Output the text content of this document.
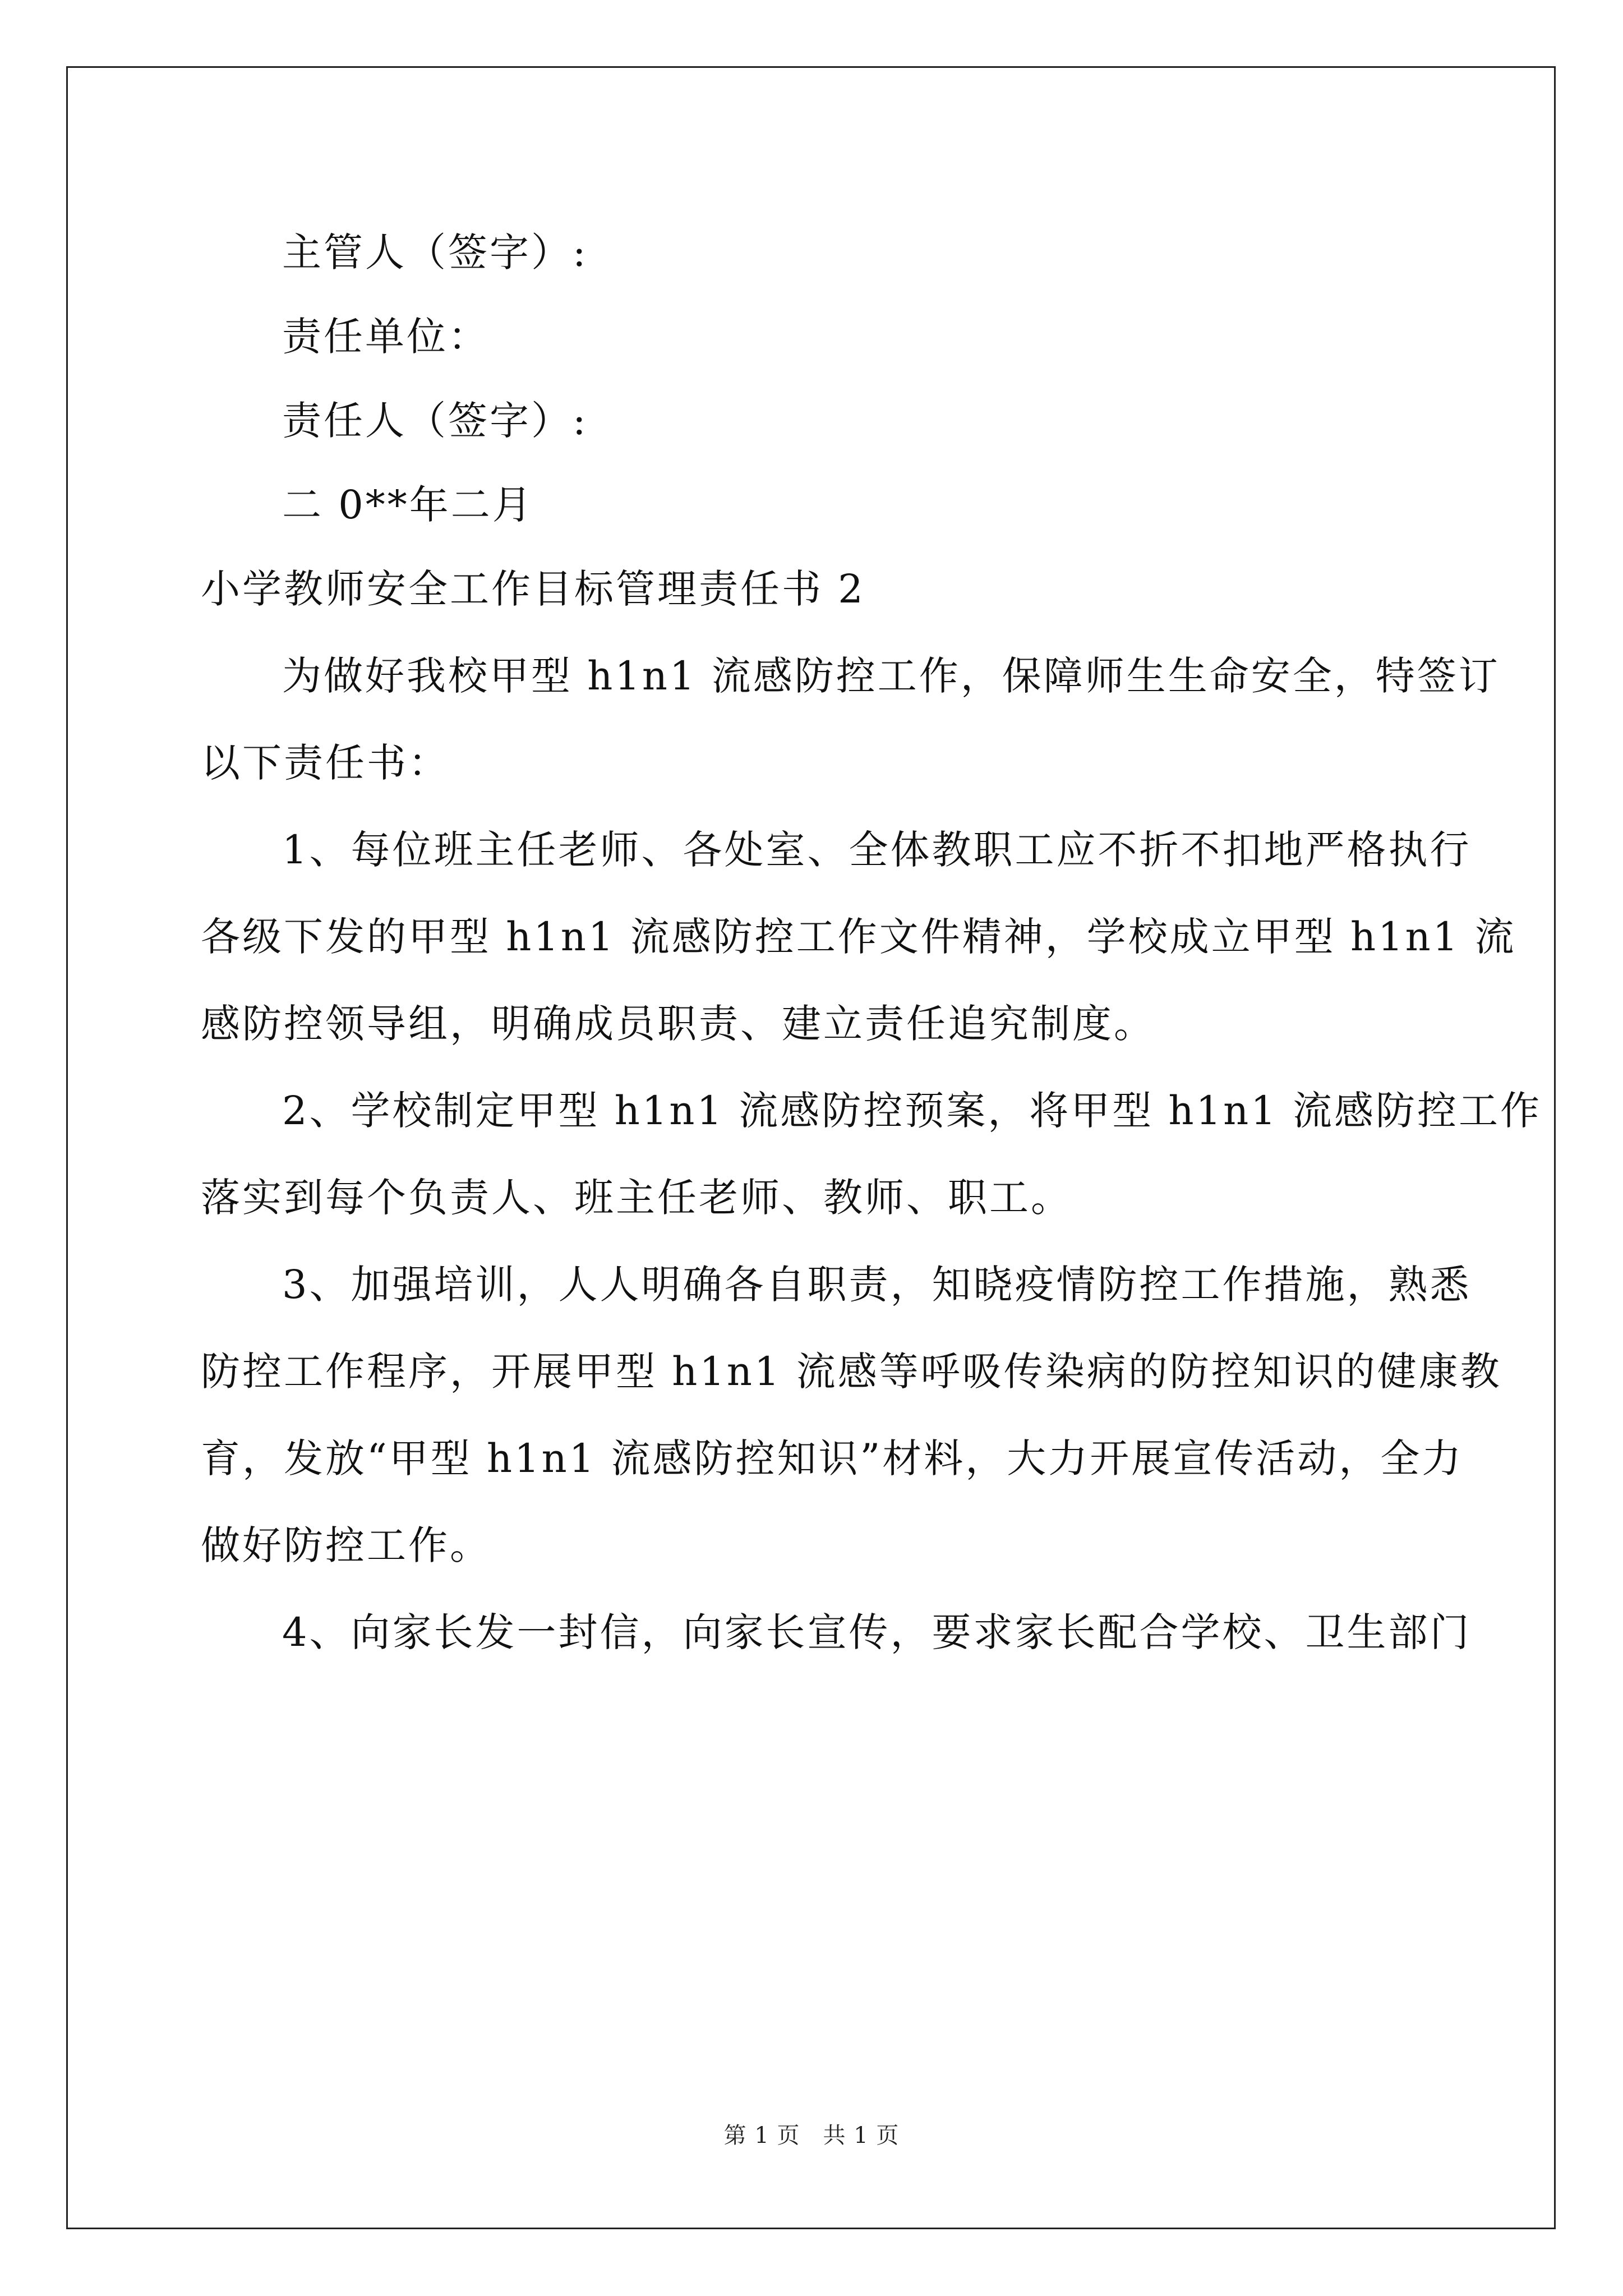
主管人（签字）:
责任单位：
责任人（签字）:
二 0**年二月
小学教师安全工作目标管理责任书 2
为做好我校甲型 h1n1 流感防控工作，保障师生生命安全，特签订
以下责任书：
1、每位班主任老师、各处室、全体教职工应不折不扣地严格执行
各级下发的甲型 h1n1 流感防控工作文件精神，学校成立甲型 h1n1 流
感防控领导组，明确成员职责、建立责任追究制度。
2、学校制定甲型 h1n1 流感防控预案，将甲型 h1n1 流感防控工作
落实到每个负责人、班主任老师、教师、职工。
3、加强培训，人人明确各自职责，知晓疫情防控工作措施，熟悉
防控工作程序，开展甲型 h1n1 流感等呼吸传染病的防控知识的健康教
育，发放“甲型 h1n1 流感防控知识”材料，大力开展宣传活动，全力
做好防控工作。
4、向家长发一封信，向家长宣传，要求家长配合学校、卫生部门
第 1 页　共 1 页
